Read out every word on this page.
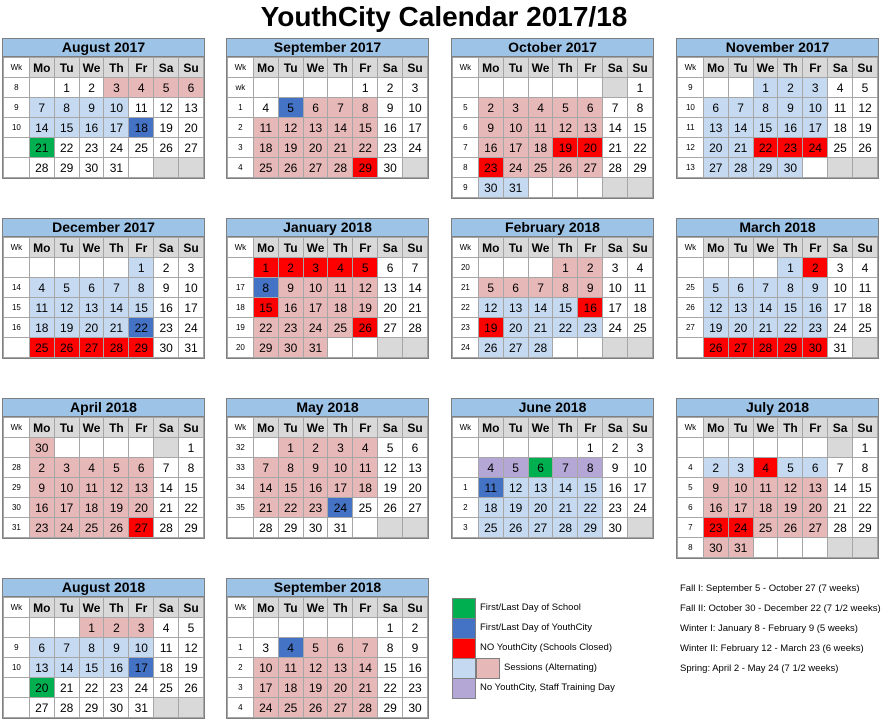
YouthCity Calendar 2017/18
August 2017
Wk	Mo	Tu	We	Th	Fr	Sa	Su
8		1	2	3	4	5	6
9	7	8	9	10	11	12	13
10	14	15	16	17	18	19	20
	21	22	23	24	25	26	27
	28	29	30	31			
September 2017
Wk	Mo	Tu	We	Th	Fr	Sa	Su
wk					1	2	3
1	4	5	6	7	8	9	10
2	11	12	13	14	15	16	17
3	18	19	20	21	22	23	24
4	25	26	27	28	29	30	
October 2017
Wk	Mo	Tu	We	Th	Fr	Sa	Su
							1
5	2	3	4	5	6	7	8
6	9	10	11	12	13	14	15
7	16	17	18	19	20	21	22
8	23	24	25	26	27	28	29
9	30	31					
November 2017
Wk	Mo	Tu	We	Th	Fr	Sa	Su
9			1	2	3	4	5
10	6	7	8	9	10	11	12
11	13	14	15	16	17	18	19
12	20	21	22	23	24	25	26
13	27	28	29	30			
December 2017
Wk	Mo	Tu	We	Th	Fr	Sa	Su
					1	2	3
14	4	5	6	7	8	9	10
15	11	12	13	14	15	16	17
16	18	19	20	21	22	23	24
	25	26	27	28	29	30	31
January 2018
Wk	Mo	Tu	We	Th	Fr	Sa	Su
	1	2	3	4	5	6	7
17	8	9	10	11	12	13	14
18	15	16	17	18	19	20	21
19	22	23	24	25	26	27	28
20	29	30	31				
February 2018
Wk	Mo	Tu	We	Th	Fr	Sa	Su
20				1	2	3	4
21	5	6	7	8	9	10	11
22	12	13	14	15	16	17	18
23	19	20	21	22	23	24	25
24	26	27	28				
March 2018
Wk	Mo	Tu	We	Th	Fr	Sa	Su
				1	2	3	4
25	5	6	7	8	9	10	11
26	12	13	14	15	16	17	18
27	19	20	21	22	23	24	25
	26	27	28	29	30	31	
April 2018
Wk	Mo	Tu	We	Th	Fr	Sa	Su
	30						1
28	2	3	4	5	6	7	8
29	9	10	11	12	13	14	15
30	16	17	18	19	20	21	22
31	23	24	25	26	27	28	29
May 2018
Wk	Mo	Tu	We	Th	Fr	Sa	Su
32		1	2	3	4	5	6
33	7	8	9	10	11	12	13
34	14	15	16	17	18	19	20
35	21	22	23	24	25	26	27
	28	29	30	31			
June 2018
Wk	Mo	Tu	We	Th	Fr	Sa	Su
					1	2	3
	4	5	6	7	8	9	10
1	11	12	13	14	15	16	17
2	18	19	20	21	22	23	24
3	25	26	27	28	29	30	
July 2018
Wk	Mo	Tu	We	Th	Fr	Sa	Su
							1
4	2	3	4	5	6	7	8
5	9	10	11	12	13	14	15
6	16	17	18	19	20	21	22
7	23	24	25	26	27	28	29
8	30	31					
August 2018
Wk	Mo	Tu	We	Th	Fr	Sa	Su
			1	2	3	4	5
9	6	7	8	9	10	11	12
10	13	14	15	16	17	18	19
	20	21	22	23	24	25	26
	27	28	29	30	31		
September 2018
Wk	Mo	Tu	We	Th	Fr	Sa	Su
						1	2
1	3	4	5	6	7	8	9
2	10	11	12	13	14	15	16
3	17	18	19	20	21	22	23
4	24	25	26	27	28	29	30
First/Last Day of School
First/Last Day of YouthCity
NO YouthCity (Schools Closed)
Sessions (Alternating)
No YouthCity, Staff Training Day
Fall I: September 5 - October 27 (7 weeks)
Fall II: October 30 - December 22 (7 1/2 weeks)
Winter I: January 8 - February 9 (5 weeks)
Winter II: February 12 - March 23 (6 weeks)
Spring: April 2 - May 24 (7 1/2 weeks)
